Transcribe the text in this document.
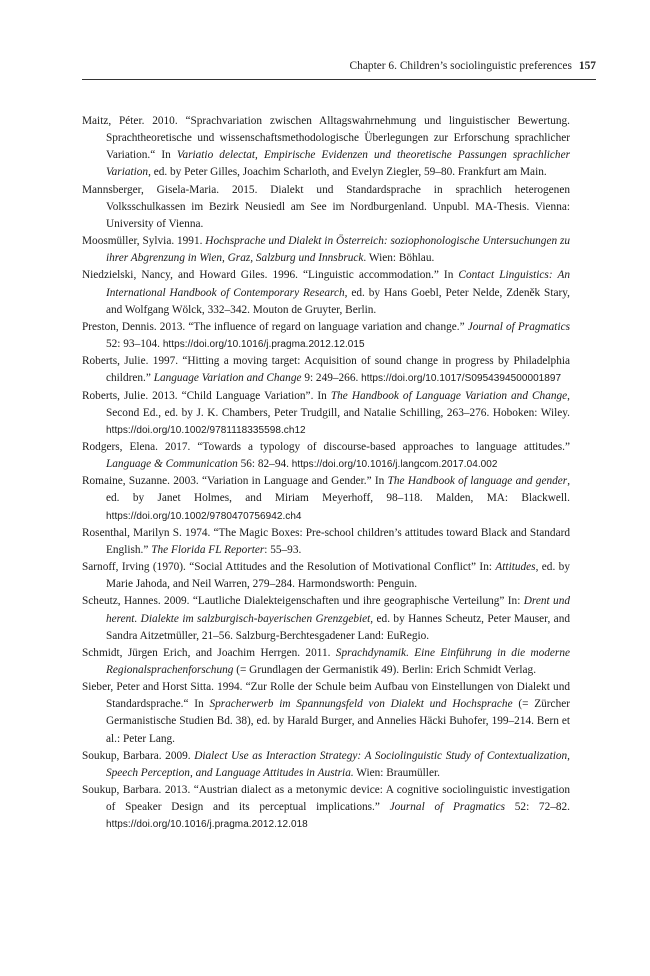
Chapter 6. Children’s sociolinguistic preferences 157
Maitz, Péter. 2010. “Sprachvariation zwischen Alltagswahrnehmung und linguistischer Bewertung. Sprachtheoretische und wissenschaftsmethodologische Überlegungen zur Erforschung sprachlicher Variation.“ In Variatio delectat, Empirische Evidenzen und theoretische Passungen sprachlicher Variation, ed. by Peter Gilles, Joachim Scharloth, and Evelyn Ziegler, 59–80. Frankfurt am Main.
Mannsberger, Gisela-Maria. 2015. Dialekt und Standardsprache in sprachlich heterogenen Volksschulkassen im Bezirk Neusiedl am See im Nordburgenland. Unpubl. MA-Thesis. Vienna: University of Vienna.
Moosmüller, Sylvia. 1991. Hochsprache und Dialekt in Österreich: soziophonologische Untersuchungen zu ihrer Abgrenzung in Wien, Graz, Salzburg und Innsbruck. Wien: Böhlau.
Niedzielski, Nancy, and Howard Giles. 1996. “Linguistic accommodation.” In Contact Linguistics: An International Handbook of Contemporary Research, ed. by Hans Goebl, Peter Nelde, Zdeněk Stary, and Wolfgang Wölck, 332–342. Mouton de Gruyter, Berlin.
Preston, Dennis. 2013. “The influence of regard on language variation and change.” Journal of Pragmatics 52: 93–104. https://doi.org/10.1016/j.pragma.2012.12.015
Roberts, Julie. 1997. “Hitting a moving target: Acquisition of sound change in progress by Philadelphia children.” Language Variation and Change 9: 249–266. https://doi.org/10.1017/S0954394500001897
Roberts, Julie. 2013. “Child Language Variation”. In The Handbook of Language Variation and Change, Second Ed., ed. by J. K. Chambers, Peter Trudgill, and Natalie Schilling, 263–276. Hoboken: Wiley. https://doi.org/10.1002/9781118335598.ch12
Rodgers, Elena. 2017. “Towards a typology of discourse-based approaches to language attitudes.” Language & Communication 56: 82–94. https://doi.org/10.1016/j.langcom.2017.04.002
Romaine, Suzanne. 2003. “Variation in Language and Gender.” In The Handbook of language and gender, ed. by Janet Holmes, and Miriam Meyerhoff, 98–118. Malden, MA: Blackwell. https://doi.org/10.1002/9780470756942.ch4
Rosenthal, Marilyn S. 1974. “The Magic Boxes: Pre-school children’s attitudes toward Black and Standard English.” The Florida FL Reporter: 55–93.
Sarnoff, Irving (1970). “Social Attitudes and the Resolution of Motivational Conflict” In: Attitudes, ed. by Marie Jahoda, and Neil Warren, 279–284. Harmondsworth: Penguin.
Scheutz, Hannes. 2009. “Lautliche Dialekteigenschaften und ihre geographische Verteilung” In: Drent und herent. Dialekte im salzburgisch-bayerischen Grenzgebiet, ed. by Hannes Scheutz, Peter Mauser, and Sandra Aitzetmüller, 21–56. Salzburg-Berchtesgadener Land: EuRegio.
Schmidt, Jürgen Erich, and Joachim Herrgen. 2011. Sprachdynamik. Eine Einführung in die moderne Regionalsprachenforschung (= Grundlagen der Germanistik 49). Berlin: Erich Schmidt Verlag.
Sieber, Peter and Horst Sitta. 1994. “Zur Rolle der Schule beim Aufbau von Einstellungen von Dialekt und Standardsprache.“ In Spracherwerb im Spannungsfeld von Dialekt und Hochsprache (= Zürcher Germanistische Studien Bd. 38), ed. by Harald Burger, and Annelies Häcki Buhofer, 199–214. Bern et al.: Peter Lang.
Soukup, Barbara. 2009. Dialect Use as Interaction Strategy: A Sociolinguistic Study of Contextualization, Speech Perception, and Language Attitudes in Austria. Wien: Braumüller.
Soukup, Barbara. 2013. “Austrian dialect as a metonymic device: A cognitive sociolinguistic investigation of Speaker Design and its perceptual implications.” Journal of Pragmatics 52: 72–82. https://doi.org/10.1016/j.pragma.2012.12.018
